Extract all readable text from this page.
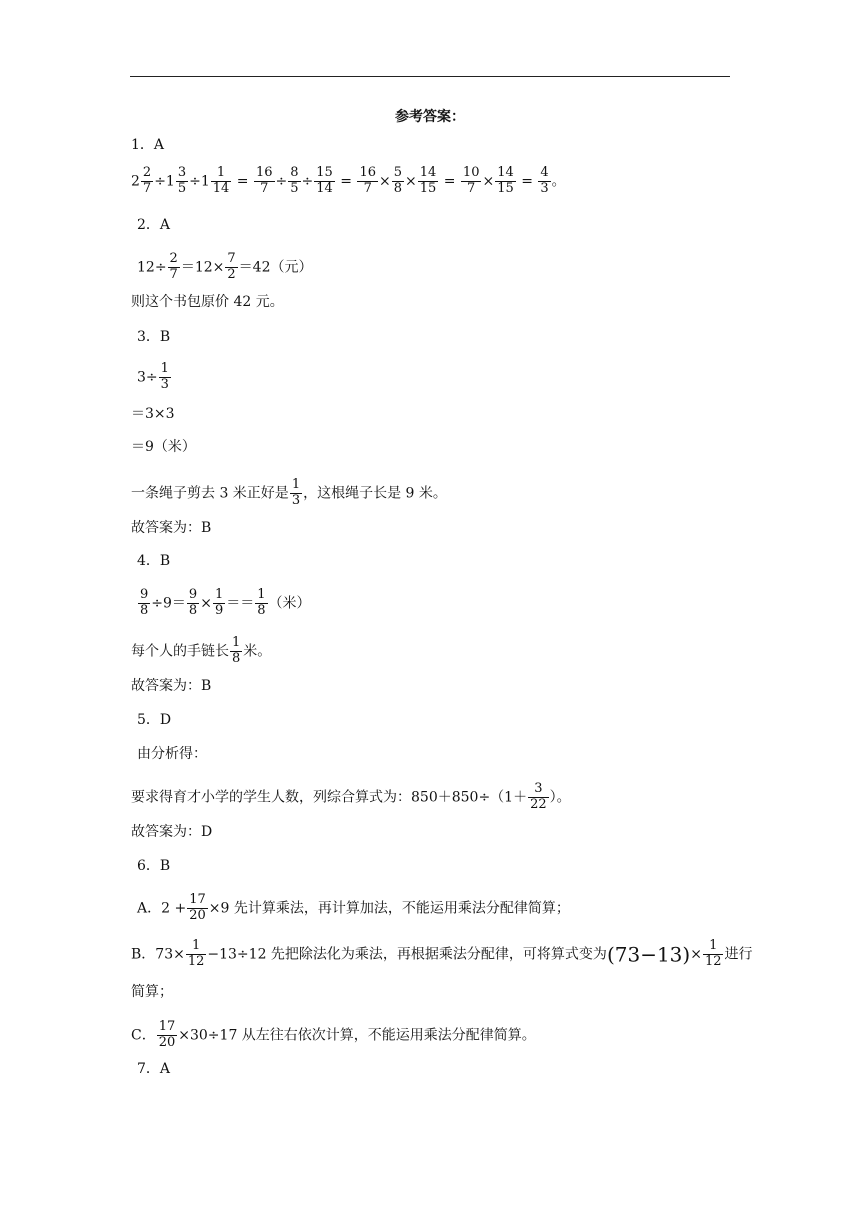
参考答案：
1．A
$2 \frac{2}{7} \div 1 \frac{3}{5} \div 1 \frac{1}{14} = \frac{16}{7} \div \frac{8}{5} \div \frac{15}{14} = \frac{16}{7} \times \frac{5}{8} \times \frac{14}{15} = \frac{10}{7} \times \frac{14}{15} = \frac{4}{3}$ 。
2．A
$12\div \frac{2}{7} =12\times \frac{7}{2} =42$（元）
则这个书包原价 42 元。
3．B
$3\div \frac{1}{3}$
＝3×3
＝9（米）
一条绳子剪去 3 米正好是 $\frac{1}{3}$ ，这根绳子长是 9 米。
故答案为：B
4．B
$\frac{9}{8} \div 9= \frac{9}{8} \times \frac{1}{9} == \frac{1}{8}$ （米）
每个人的手链长 $\frac{1}{8}$ 米。
故答案为：B
5．D
由分析得：
要求得育才小学的学生人数，列综合算式为：$850+850\div(1+ \frac{3}{22}$ ）。
故答案为：D
6．B
A．$2 + \frac{17}{20} \times 9$ 先计算乘法，再计算加法，不能运用乘法分配律简算；
B．$73\times \frac{1}{12} -13\div 12$ 先把除法化为乘法，再根据乘法分配律，可将算式变为$(73-13)\times \frac{1}{12}$ 进行
简算；
C． $\frac{17}{20} \times 30\div 17$ 从左往右依次计算，不能运用乘法分配律简算。
7．A
